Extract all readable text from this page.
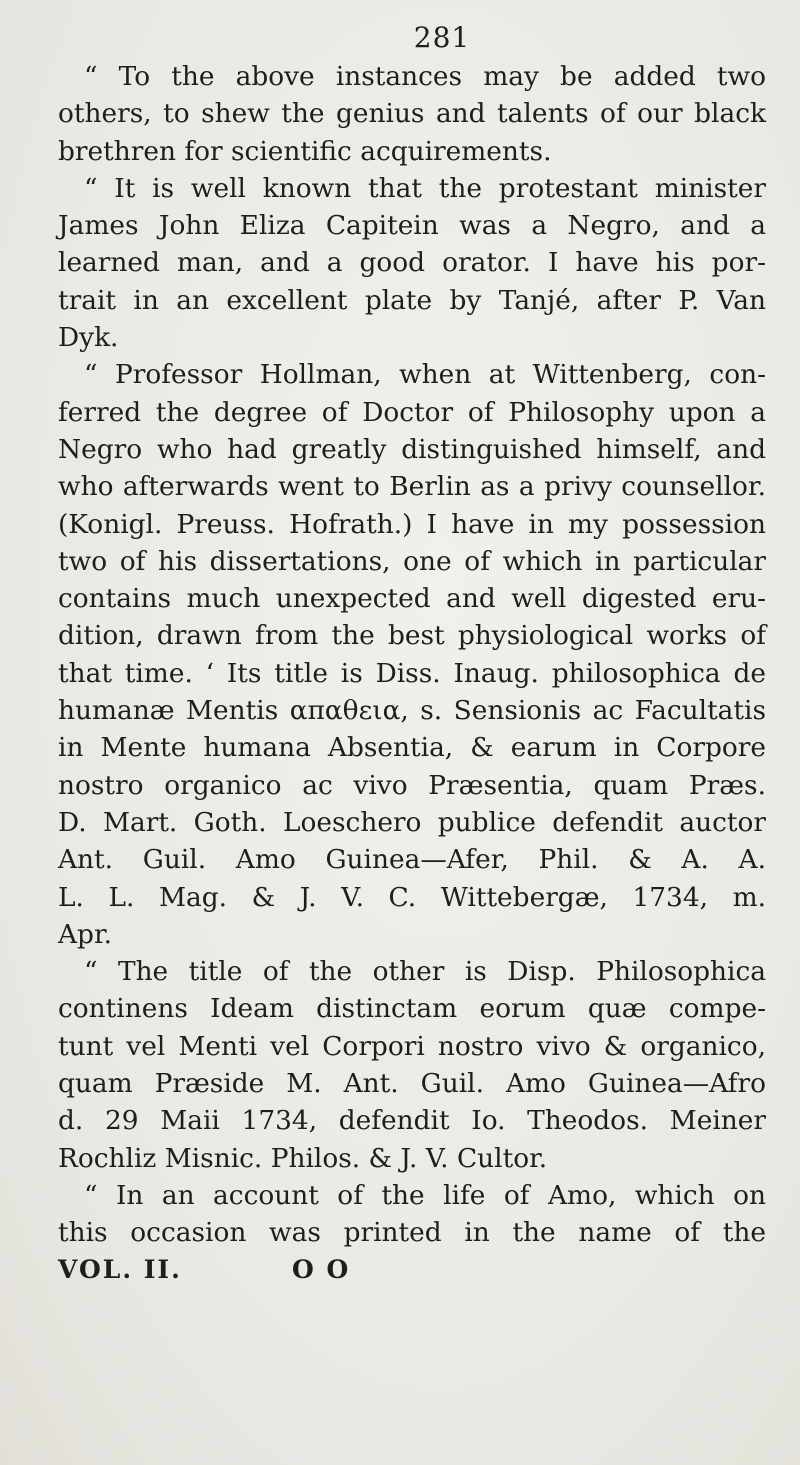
281
“ To the above instances may be added two
others, to shew the genius and talents of our black
brethren for scientific acquirements.
“ It is well known that the protestant minister
James John Eliza Capitein was a Negro, and a
learned man, and a good orator. I have his por-
trait in an excellent plate by Tanjé, after P. Van
Dyk.
“ Professor Hollman, when at Wittenberg, con-
ferred the degree of Doctor of Philosophy upon a
Negro who had greatly distinguished himself, and
who afterwards went to Berlin as a privy counsellor.
(Konigl. Preuss. Hofrath.) I have in my possession
two of his dissertations, one of which in particular
contains much unexpected and well digested eru-
dition, drawn from the best physiological works of
that time. ‘ Its title is Diss. Inaug. philosophica de
humanæ Mentis απαθεια, s. Sensionis ac Facultatis
in Mente humana Absentia, & earum in Corpore
nostro organico ac vivo Præsentia, quam Præs.
D. Mart. Goth. Loeschero publice defendit auctor
Ant. Guil. Amo Guinea—Afer, Phil. & A. A.
L. L. Mag. & J. V. C. Wittebergæ, 1734, m.
Apr.
“ The title of the other is Disp. Philosophica
continens Ideam distinctam eorum quæ compe-
tunt vel Menti vel Corpori nostro vivo & organico,
quam Præside M. Ant. Guil. Amo Guinea—Afro
d. 29 Maii 1734, defendit Io. Theodos. Meiner
Rochliz Misnic. Philos. & J. V. Cultor.
“ In an account of the life of Amo, which on
this occasion was printed in the name of the
VOL. II.	O O
